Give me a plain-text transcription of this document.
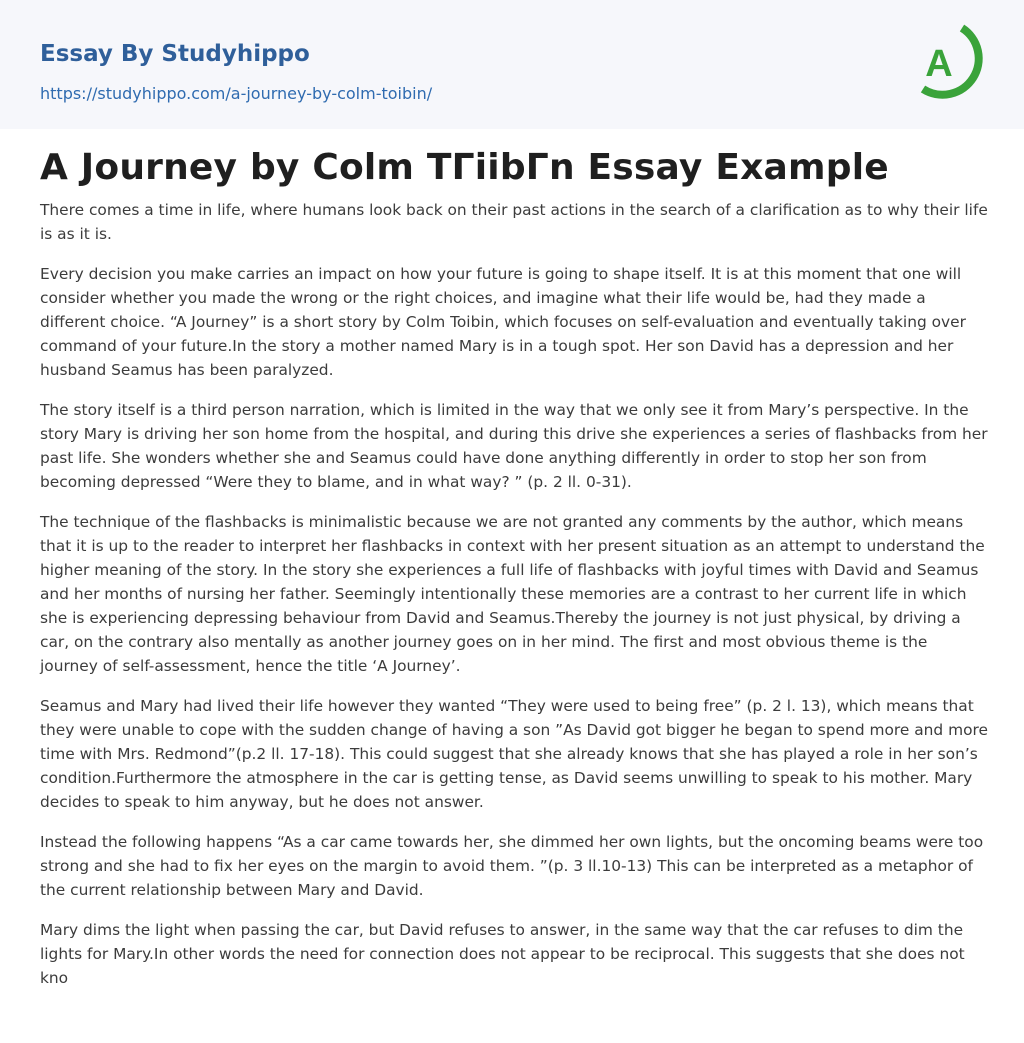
Essay By Studyhippo
https://studyhippo.com/a-journey-by-colm-toibin/
A
A Journey by Colm TГіibГn Essay Example

There comes a time in life, where humans look back on their past actions in the search of a clarification as to why their life is as it is.

Every decision you make carries an impact on how your future is going to shape itself. It is at this moment that one will consider whether you made the wrong or the right choices, and imagine what their life would be, had they made a different choice. “A Journey” is a short story by Colm Toibin, which focuses on self-evaluation and eventually taking over command of your future.In the story a mother named Mary is in a tough spot. Her son David has a depression and her husband Seamus has been paralyzed.

The story itself is a third person narration, which is limited in the way that we only see it from Mary’s perspective. In the story Mary is driving her son home from the hospital, and during this drive she experiences a series of flashbacks from her past life. She wonders whether she and Seamus could have done anything differently in order to stop her son from becoming depressed “Were they to blame, and in what way? ” (p. 2 ll. 0-31).

The technique of the flashbacks is minimalistic because we are not granted any comments by the author, which means that it is up to the reader to interpret her flashbacks in context with her present situation as an attempt to understand the higher meaning of the story. In the story she experiences a full life of flashbacks with joyful times with David and Seamus and her months of nursing her father. Seemingly intentionally these memories are a contrast to her current life in which she is experiencing depressing behaviour from David and Seamus.Thereby the journey is not just physical, by driving a car, on the contrary also mentally as another journey goes on in her mind. The first and most obvious theme is the journey of self-assessment, hence the title ‘A Journey’.

Seamus and Mary had lived their life however they wanted “They were used to being free” (p. 2 l. 13), which means that they were unable to cope with the sudden change of having a son ”As David got bigger he began to spend more and more time with Mrs. Redmond”(p.2 ll. 17-18). This could suggest that she already knows that she has played a role in her son’s condition.Furthermore the atmosphere in the car is getting tense, as David seems unwilling to speak to his mother. Mary decides to speak to him anyway, but he does not answer.

Instead the following happens “As a car came towards her, she dimmed her own lights, but the oncoming beams were too strong and she had to fix her eyes on the margin to avoid them. ”(p. 3 ll.10-13) This can be interpreted as a metaphor of the current relationship between Mary and David.

Mary dims the light when passing the car, but David refuses to answer, in the same way that the car refuses to dim the lights for Mary.In other words the need for connection does not appear to be reciprocal. This suggests that she does not kno
